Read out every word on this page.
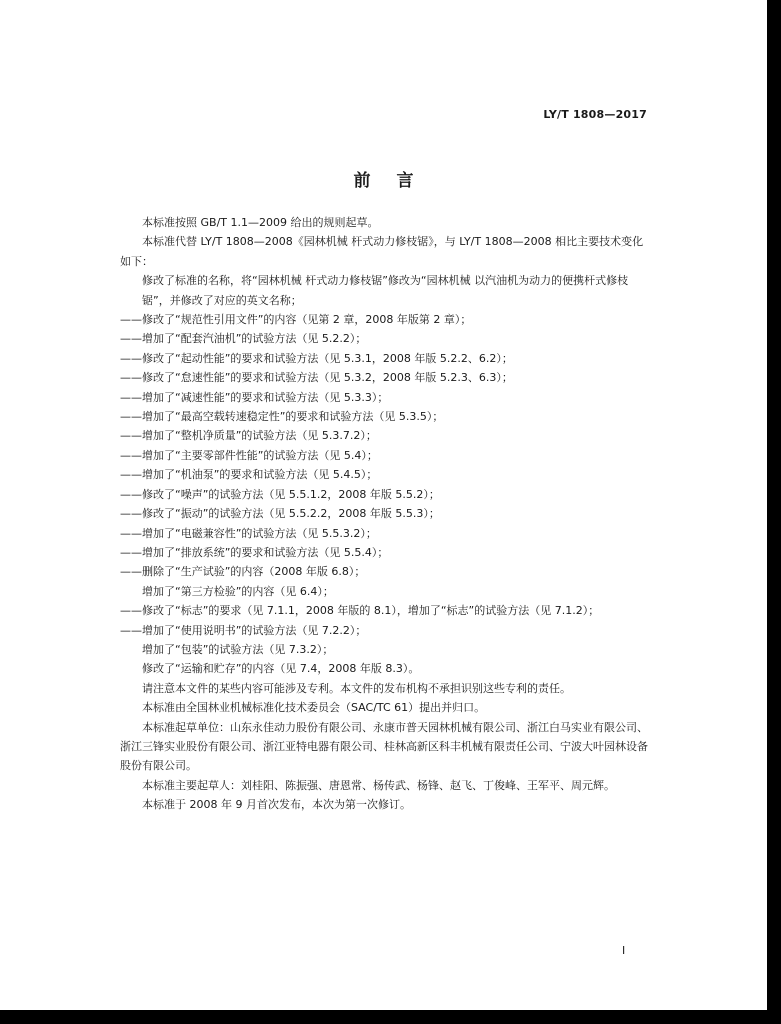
LY/T 1808—2017
前言

本标准按照 GB/T 1.1—2009 给出的规则起草。

本标准代替 LY/T 1808—2008《园林机械 杆式动力修枝锯》，与 LY/T 1808—2008 相比主要技术变化如下：

修改了标准的名称，将“园林机械 杆式动力修枝锯”修改为“园林机械 以汽油机为动力的便携杆式修枝锯”，并修改了对应的英文名称；

——修改了“规范性引用文件”的内容（见第 2 章，2008 年版第 2 章）；

——增加了“配套汽油机”的试验方法（见 5.2.2）；

——修改了“起动性能”的要求和试验方法（见 5.3.1，2008 年版 5.2.2、6.2）；

——修改了“怠速性能”的要求和试验方法（见 5.3.2，2008 年版 5.2.3、6.3）；

——增加了“减速性能”的要求和试验方法（见 5.3.3）；

——增加了“最高空载转速稳定性”的要求和试验方法（见 5.3.5）；

——增加了“整机净质量”的试验方法（见 5.3.7.2）；

——增加了“主要零部件性能”的试验方法（见 5.4）；

——增加了“机油泵”的要求和试验方法（见 5.4.5）；

——修改了“噪声”的试验方法（见 5.5.1.2，2008 年版 5.5.2）；

——修改了“振动”的试验方法（见 5.5.2.2，2008 年版 5.5.3）；

——增加了“电磁兼容性”的试验方法（见 5.5.3.2）；

——增加了“排放系统”的要求和试验方法（见 5.5.4）；

——删除了“生产试验”的内容（2008 年版 6.8）；

增加了“第三方检验”的内容（见 6.4）；

——修改了“标志”的要求（见 7.1.1，2008 年版的 8.1），增加了“标志”的试验方法（见 7.1.2）；

——增加了“使用说明书”的试验方法（见 7.2.2）；

增加了“包装”的试验方法（见 7.3.2）；

修改了“运输和贮存”的内容（见 7.4，2008 年版 8.3）。

请注意本文件的某些内容可能涉及专利。本文件的发布机构不承担识别这些专利的责任。

本标准由全国林业机械标准化技术委员会（SAC/TC 61）提出并归口。

本标准起草单位：山东永佳动力股份有限公司、永康市普天园林机械有限公司、浙江白马实业有限公司、浙江三锋实业股份有限公司、浙江亚特电器有限公司、桂林高新区科丰机械有限责任公司、宁波大叶园林设备股份有限公司。

本标准主要起草人：刘桂阳、陈振强、唐恩常、杨传武、杨锋、赵飞、丁俊峰、王军平、周元辉。

本标准于 2008 年 9 月首次发布，本次为第一次修订。

I
